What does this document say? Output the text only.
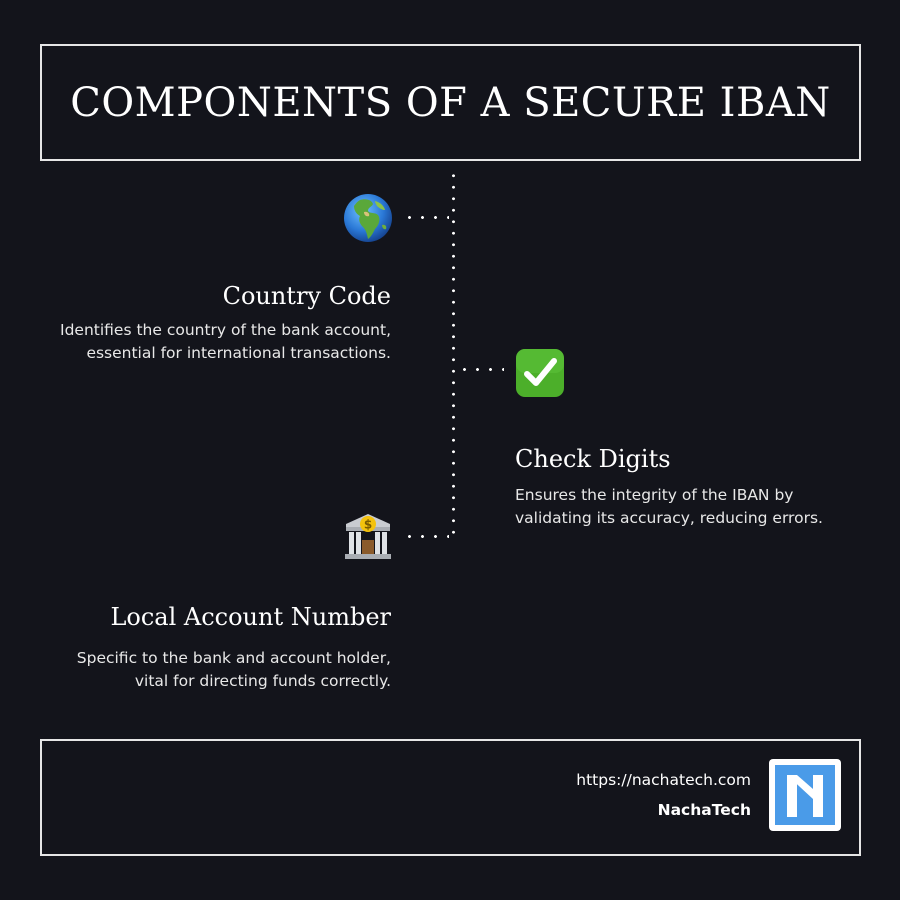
COMPONENTS OF A SECURE IBAN
Country Code
Identifies the country of the bank account,
essential for international transactions.
Check Digits
Ensures the integrity of the IBAN by
validating its accuracy, reducing errors.
$
Local Account Number
Specific to the bank and account holder,
vital for directing funds correctly.
https://nachatech.com
NachaTech
